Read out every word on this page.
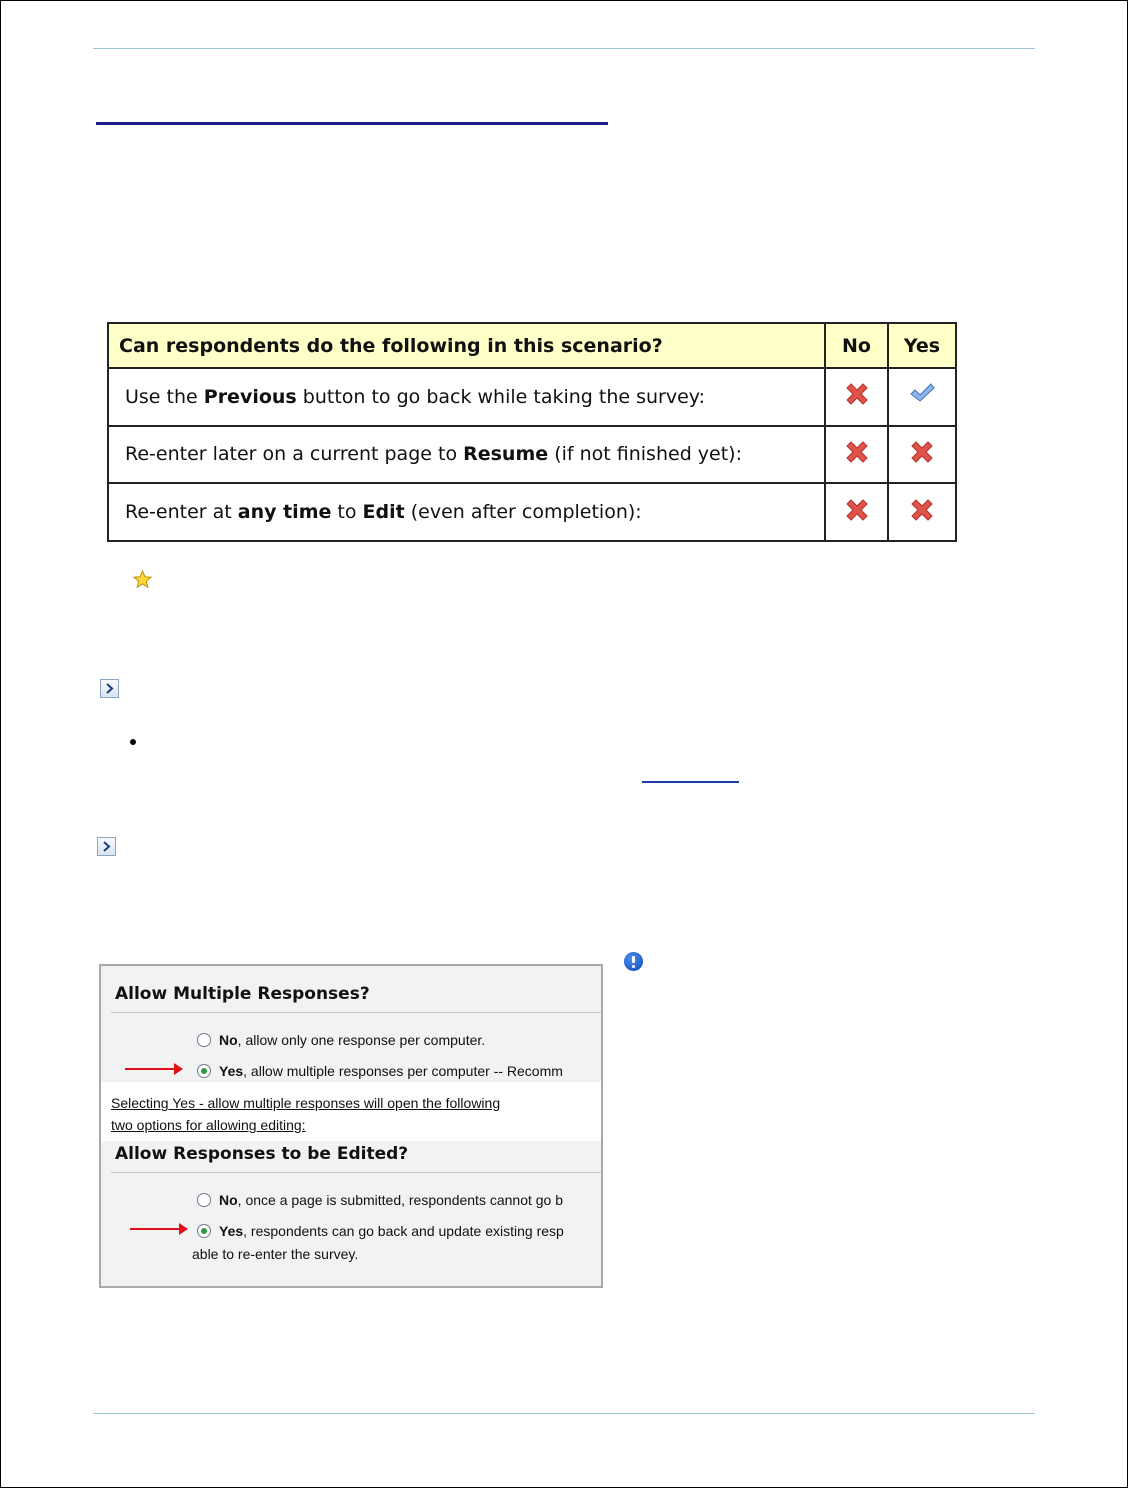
Can respondents do the following in this scenario?	No	Yes
Use the Previous button to go back while taking the survey:		
Re-enter later on a current page to Resume (if not finished yet):		
Re-enter at any time to Edit (even after completion):		
Allow Multiple Responses?
No, allow only one response per computer.
Yes, allow multiple responses per computer -- Recomm
Selecting Yes - allow multiple responses will open the following
two options for allowing editing:
Allow Responses to be Edited?
No, once a page is submitted, respondents cannot go b
Yes, respondents can go back and update existing resp
able to re-enter the survey.
